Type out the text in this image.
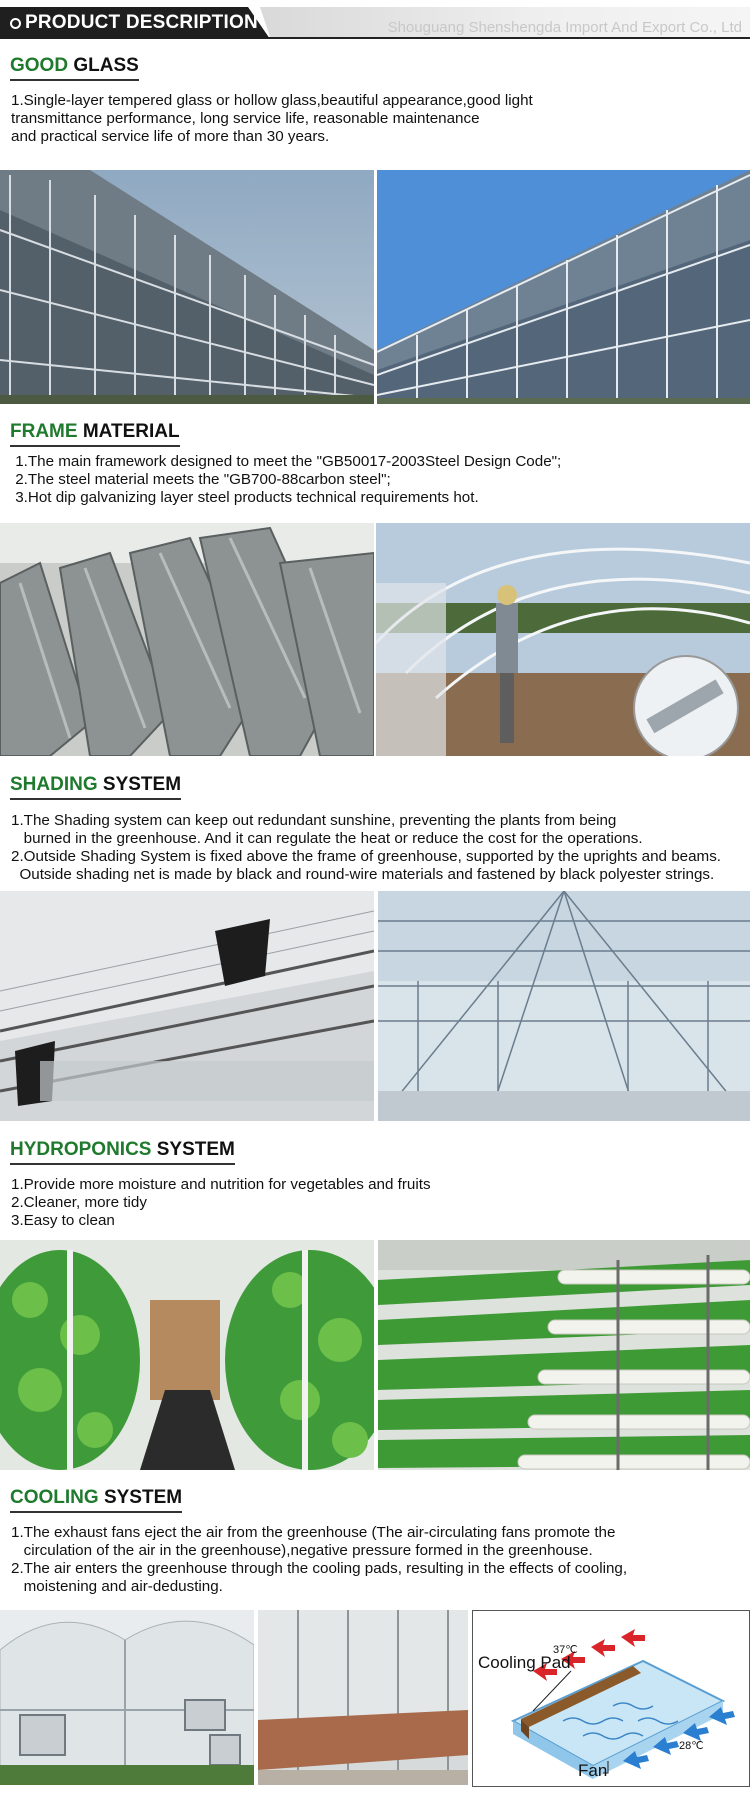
PRODUCT DESCRIPTION	Shouguang Shenshengda Import And Export Co., Ltd
GOOD GLASS
1.Single-layer tempered glass or hollow glass,beautiful appearance,good light
transmittance performance, long service life, reasonable maintenance
and practical service life of more than 30 years.
FRAME MATERIAL
1.The main framework designed to meet the "GB50017-2003Steel Design Code";
2.The steel material meets the "GB700-88carbon steel";
3.Hot dip galvanizing layer steel products technical requirements hot.
SHADING SYSTEM
1.The Shading system can keep out redundant sunshine, preventing the plants from being
burned in the greenhouse. And it can regulate the heat or reduce the cost for the operations.
2.Outside Shading System is fixed above the frame of greenhouse, supported by the uprights and beams.
Outside shading net is made by black and round-wire materials and fastened by black polyester strings.
HYDROPONICS SYSTEM
1.Provide more moisture and nutrition for vegetables and fruits
2.Cleaner, more tidy
3.Easy to clean
COOLING SYSTEM
1.The exhaust fans eject the air from the greenhouse (The air-circulating fans promote the
circulation of the air in the greenhouse),negative pressure formed in the greenhouse.
2.The air enters the greenhouse through the cooling pads, resulting in the effects of cooling,
moistening and air-dedusting.
Cooling Pad
Fan
37℃
28℃
